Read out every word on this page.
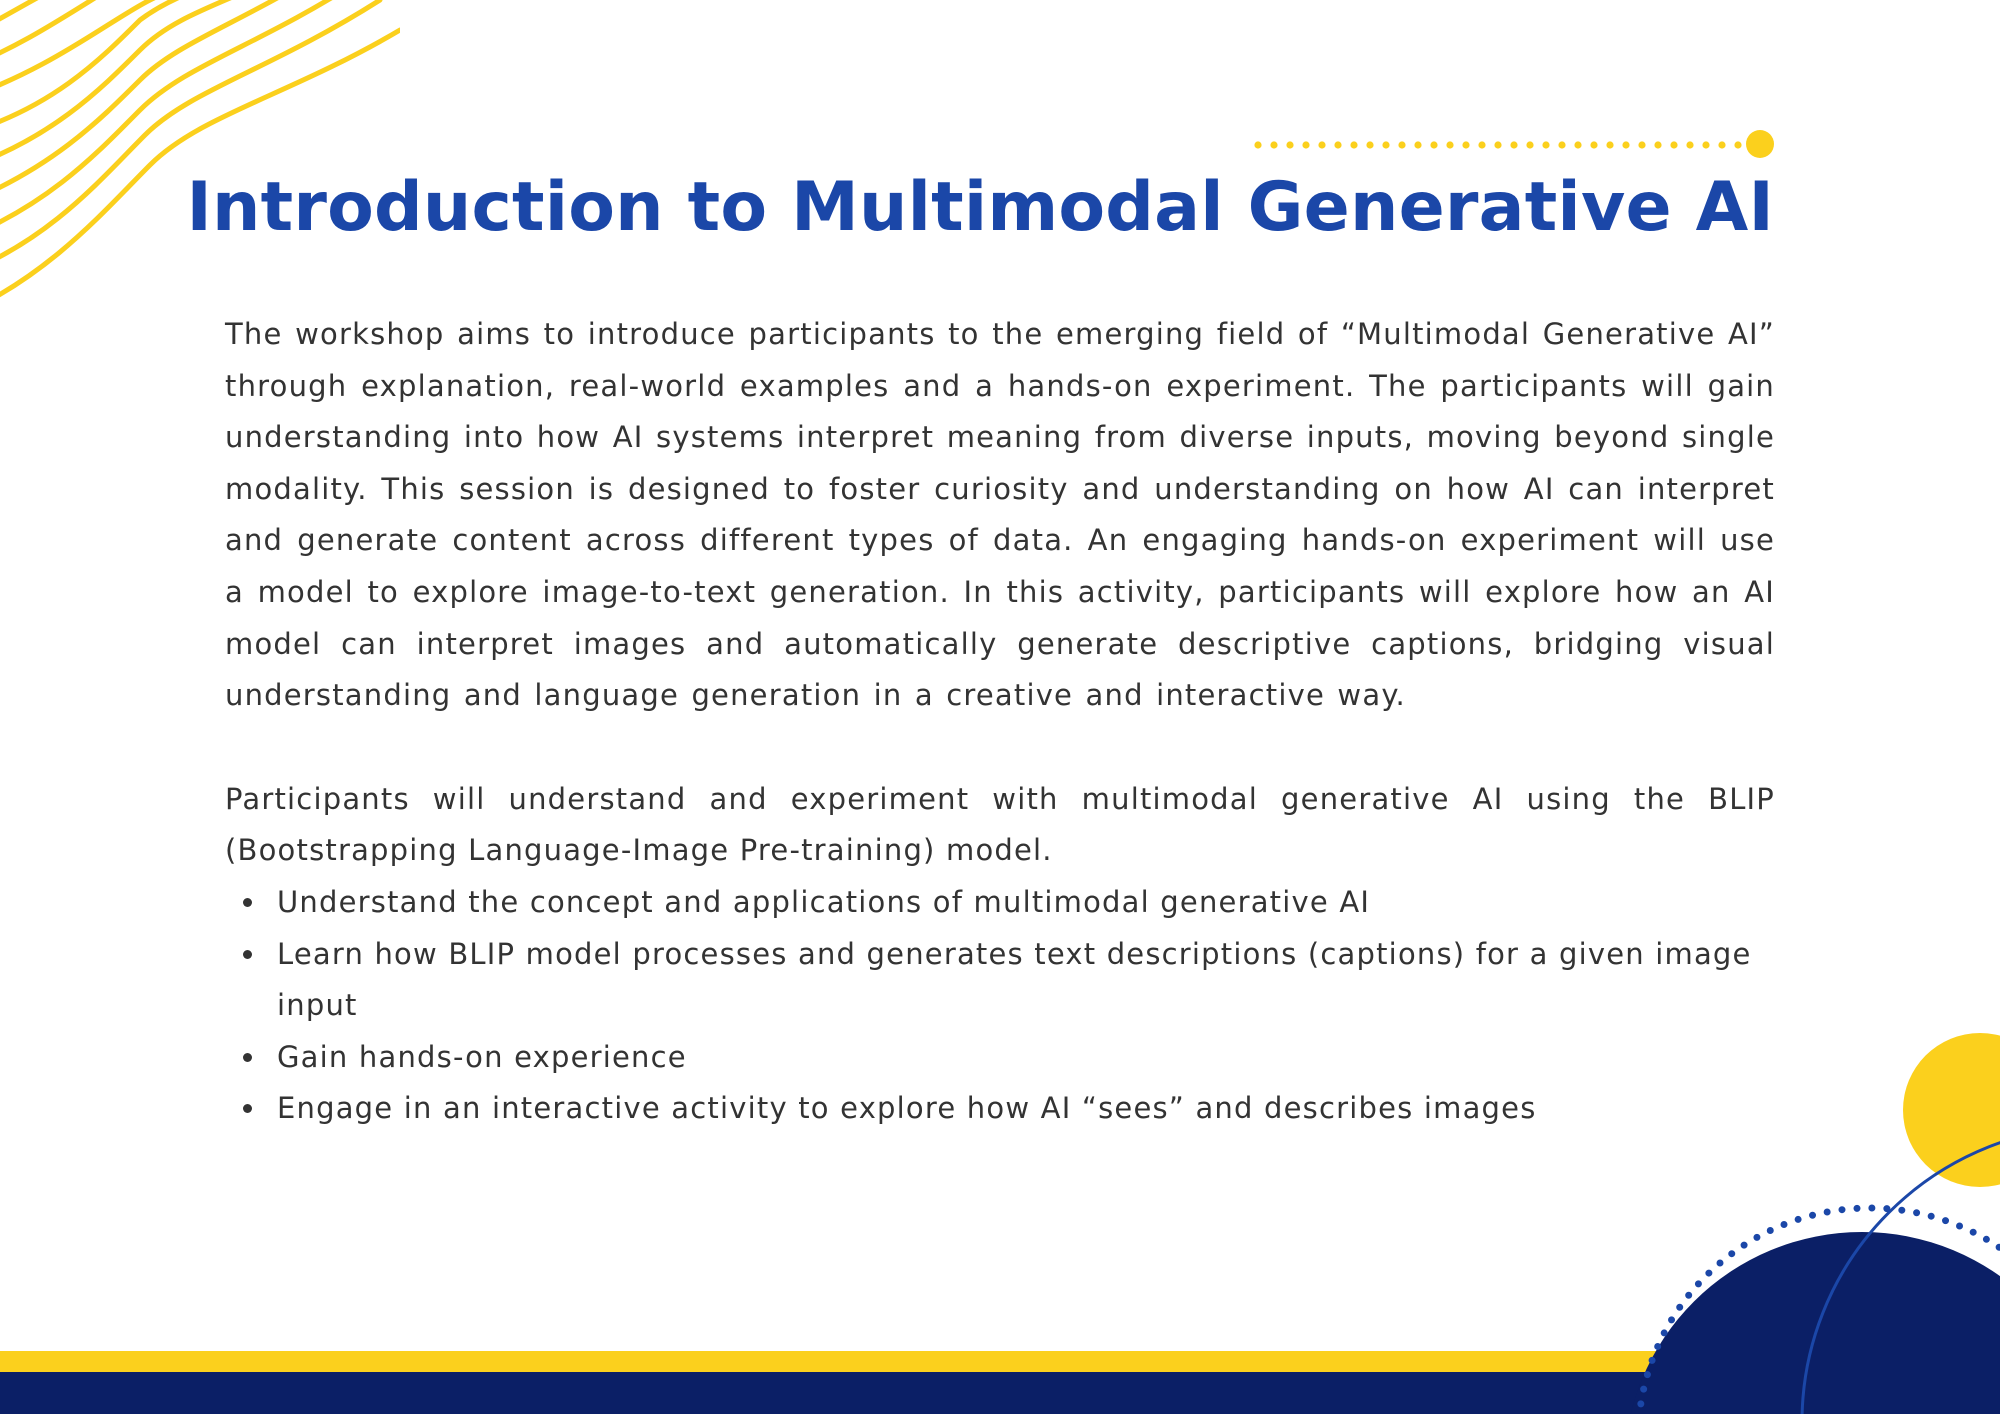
Introduction to Multimodal Generative AI

The workshop aims to introduce participants to the emerging field of “Multimodal Generative AI” through explanation, real-world examples and a hands-on experiment. The participants will gain understanding into how AI systems interpret meaning from diverse inputs, moving beyond single modality. This session is designed to foster curiosity and understanding on how AI can interpret and generate content across different types of data. An engaging hands-on experiment will use a model to explore image-to-text generation. In this activity, participants will explore how an AI model can interpret images and automatically generate descriptive captions, bridging visual understanding and language generation in a creative and interactive way.

Participants will understand and experiment with multimodal generative AI using the BLIP (Bootstrapping Language-Image Pre-training) model.

Understand the concept and applications of multimodal generative AI
Learn how BLIP model processes and generates text descriptions (captions) for a given image input
Gain hands-on experience
Engage in an interactive activity to explore how AI “sees” and describes images
